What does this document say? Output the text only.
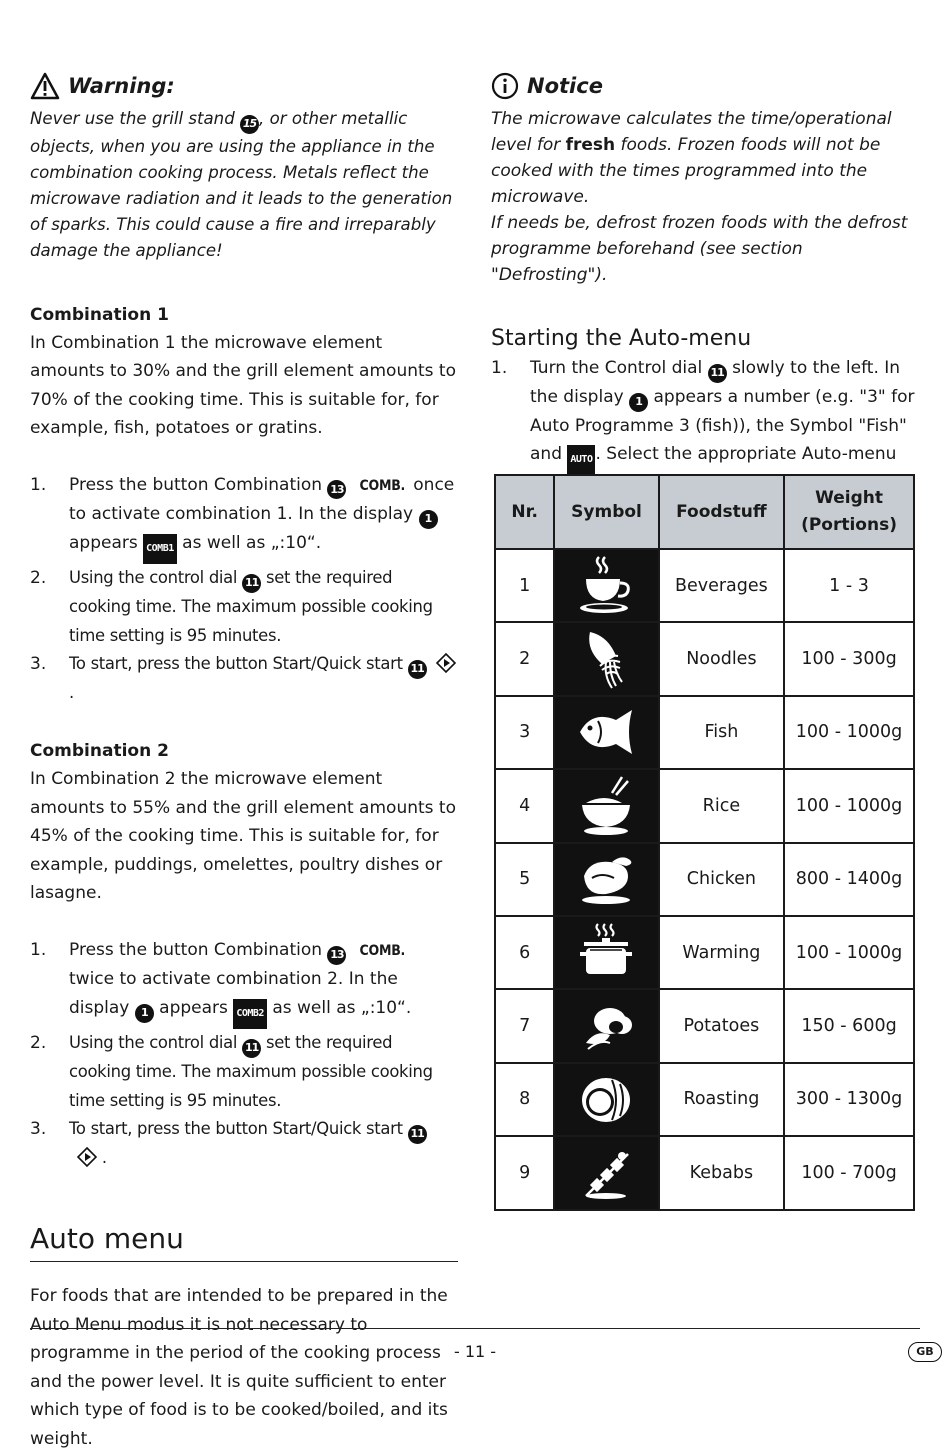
Warning:

Never use the grill stand 15 , or other metallic objects, when you are using the appliance in the combination cooking process. Metals reflect the microwave radiation and it leads to the generation of sparks. This could cause a fire and irreparably damage the appliance!

Combination 1

In Combination 1 the microwave element amounts to 30% and the grill element amounts to 70% of the cooking time. This is suitable for, for example, fish, potatoes or gratins.

1.	Press the button Combination 13 COMB. once to activate combination 1. In the display 1 appears COMB1 as well as „:10“.
2.	Using the control dial 11 set the required cooking time. The maximum possible cooking time setting is 95 minutes.
3.	To start, press the button Start/Quick start 11   .
Combination 2

In Combination 2 the microwave element amounts to 55% and the grill element amounts to 45% of the cooking time. This is suitable for, for example, puddings, omelettes, poultry dishes or lasagne.

1.	Press the button Combination 13 COMB. twice to activate combination 2. In the display 1 appears COMB2 as well as „:10“.
2.	Using the control dial 11 set the required cooking time. The maximum possible cooking time setting is 95 minutes.
3.	To start, press the button Start/Quick start 11
.
Auto menu

For foods that are intended to be prepared in the Auto Menu modus it is not necessary to programme in the period of the cooking process and the power level. It is quite sufficient to enter which type of food is to be cooked/boiled, and its weight.

Notice

The microwave calculates the time/operational level for fresh foods. Frozen foods will not be cooked with the times programmed into the microwave.
If needs be, defrost frozen foods with the defrost programme beforehand (see section "Defrosting").

Starting the Auto-menu
1.	Turn the Control dial 11 slowly to the left. In the display 1 appears a number (e.g. "3" for Auto Programme 3 (fish)), the Symbol "Fish" and AUTO . Select the appropriate Auto-menu
Nr.	Symbol	Foodstuff	Weight (Portions)
1		Beverages	1 - 3
2		Noodles	100 - 300g
3		Fish	100 - 1000g
4		Rice	100 - 1000g
5		Chicken	800 - 1400g
6		Warming	100 - 1000g
7		Potatoes	150 - 600g
8		Roasting	300 - 1300g
9		Kebabs	100 - 700g
- 11 -	GB
